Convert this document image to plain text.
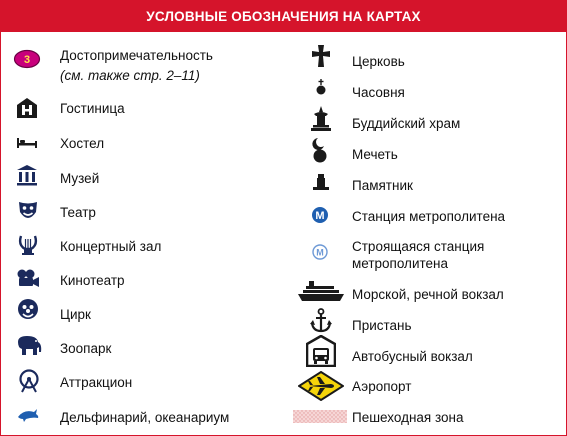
УСЛОВНЫЕ ОБОЗНАЧЕНИЯ НА КАРТАХ
3 Достопримечательность
(см. также стр. 2–11)
Гостиница
Хостел
Музей
Театр
Концертный зал
Кинотеатр
Цирк
Зоопарк
Аттракцион
Дельфинарий, океанариум
Церковь
Часовня
Буддийский храм
Мечеть
Памятник
M Станция метрополитена
M Строящаяся станция
метрополитена
Морской, речной вокзал
Пристань
Автобусный вокзал
Аэропорт
Пешеходная зона
